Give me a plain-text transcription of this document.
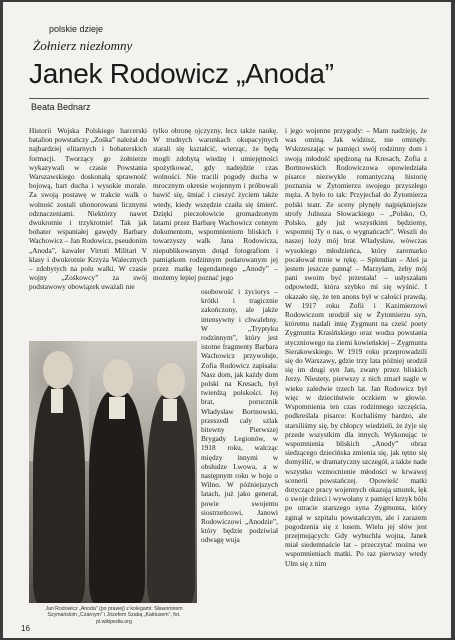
polskie dzieje
Żołnierz niezłomny
Janek Rodowicz „Anoda”
Beata Bednarz

Historii Wojska Polskiego harcerski batalion powstańczy „Zośka” należał do najbardziej elitarnych i bohaterskich formacji. Tworzący go żołnierze wykazywali w czasie Powstania Warszawskiego doskonałą sprawność bojową, hart ducha i wysokie morale. Za swoją postawę w trakcie walk o wolność zostali uhonorowani licznymi odznaczeniami. Niektórzy nawet dwukrotnie i trzykrotnie! Tak jak bohater wspaniałej gawędy Barbary Wachowicz – Jan Rodowicz, pseudonim „Anoda”, kawaler Virtuti Militari V klasy i dwukrotnie Krzyża Walecznych – zdobytych na polu walki. W czasie wojny „Zośkowcy” za swój podstawowy obowiązek uważali nie

tylko obronę ojczyzny, lecz także naukę. W trudnych warunkach okupacyjnych starali się kształcić, wierząc, że będą mogli zdobytą wiedzę i umiejętności spożytkować, gdy nadejdzie czas wolności. Nie tracili pogody ducha w mrocznym okresie wojennym i próbowali bawić się, śmiać i cieszyć życiem także wtedy, kiedy wszędzie czaiła się śmierć. Dzięki pieczołowicie gromadzonym latami przez Barbarę Wachowicz cennym dokumentom, wspomnieniom bliskich i towarzyszy walk Jana Rodowicza, niepublikowanym dotąd fotografiom i pamiątkom rodzinnym podarowanym jej przez matkę legendarnego „Anody” – możemy lepiej poznać jego

osobowość i życiorys – krótki i tragicznie zakończony, ale jakże intensywny i chwalebny. W „Tryptyku rodzinnym”, który jest istotne fragmenty Barbara Wachowicz przywołuje, Zofia Rodowicz zapisała: Nasz dom, jak każdy dom polski na Kresach, był twierdzą polskości. Jej brat, porucznik Władysław Bortnowski, przeszedł cały szlak bitewny Pierwszej Brygady Legionów, w 1918 roku, walcząc między innymi w obsłudze Lwowa, a w następnym roku w boju o Wilno. W późniejszych latach, już jako generał, powie swojemu siostrzeńcowi, Janowi Rodowiczowi „Anodzie”, który będzie podziwiał odwagę wuja

i jego wojenne przygody: – Mam nadzieję, że was ominą. Jak widzisz, nie ominęły. Wskrzeszając w pamięci swój rodzinny dom i swoją młodość spędzoną na Kresach, Zofia z Bortnowskich Rodowiczowa opowiedziała pisarce niezwykle romantyczną historię poznania w Żytomierzu swojego przyszłego męża. A było to tak: Przyjechał do Żytomierza polski teatr. Ze sceny płynęły najpiękniejsze strofy Juliusza Słowackiego – „Polsko, O, Polsko, gdy już wszystkimi będziemy, wspomnij Ty o nas, o wygnańcach”. Weszli do naszej loży mój brat Władysław, wówczas wysokiego młodzieńca, który zaremarko pocałował mnie w rękę. – Splendian – Aleś ja jestem jeszcze panną! – Marzyłam, żeby mój pani swoim być przestała! – usłyszałam odpowiedź, która szybko mi się wyśnić. I okazało się, że ten anons był w całości prawdą. W 1917 roku Zofii i Kazimierzowi Rodowiczom urodził się w Żytomierzu syn, któremu nadali imię Zygmunt na cześć poety Zygmunta Krasińskiego oraz wodza powstania styczniowego na ziemi kowieńskiej – Zygmunta Sierakowskiego. W 1919 roku przeprowadzili się do Warszawy, gdzie trzy lata później urodził się im drugi syn Jan, zwany przez bliskich Jerzy. Niestety, pierwszy z nich zmarł nagle w wieku zaledwie trzech lat. Jan Rodowicz był więc w dzieciństwie oczkiem w głowie. Wspomnienia ten czas rodzinnego szczęścia, podkreślała pisarce: Kochaliśmy bardzo, ale starsiliśmy się, by chłopcy wiedzieli, że żyje się przede wszystkim dla innych. Wykonując te wspomnienia bliskich „Anody” obraz siedzącego dziecińska zmienia się, jak tętno się domyślić, w dramatyczny szczegół, a także nade wszystko wzmocnienie młodości w krwawej scenerii powstańczej. Opowieść matki dotyczące pracy wojennych okazują smutek, lęk o swoje dzieci i wywołany z pamięci krzyk bólu po utracie starszego syna Zygmunta, który zginął w szpitalu powstańczym, ale i zarazem pogodzenia się z losem. Wielu jej słów jest przejmujących: Gdy wybuchła wojna, Janek miał siedemnaście lat – przeczytać można we wspomnieniach matki. Po raz pierwszy wtedy Ulm się z nim

Jan Rodowicz „Anoda” (po prawej) z kolegami: Sławomirem Szymańskim „Czarnym” i Józefem Szabą „Kaktusem”, fot. pl.wikipedia.org
16
